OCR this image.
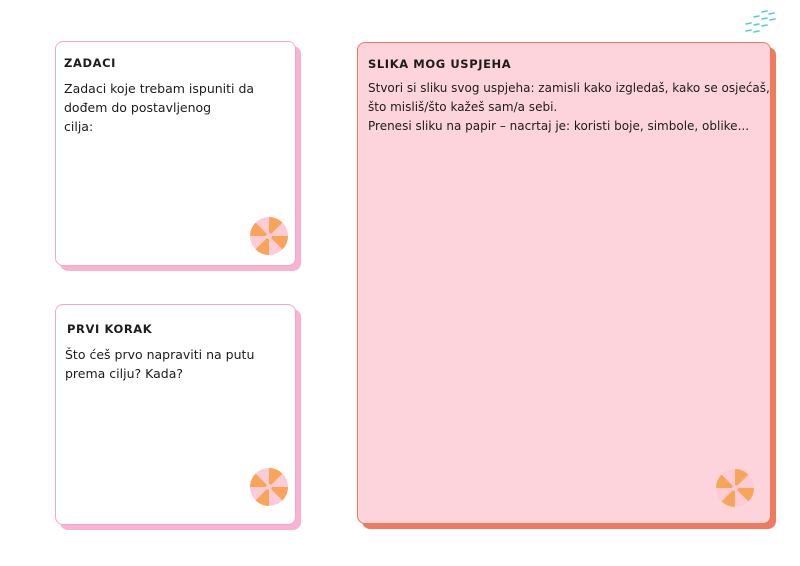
ZADACI
Zadaci koje trebam ispuniti da
dođem do postavljenog
cilja:
PRVI KORAK
Što ćeš prvo napraviti na putu
prema cilju? Kada?
SLIKA MOG USPJEHA
Stvori si sliku svog uspjeha: zamisli kako izgledaš, kako se osjećaš,
što misliš/što kažeš sam/a sebi.
Prenesi sliku na papir – nacrtaj je: koristi boje, simbole, oblike...
